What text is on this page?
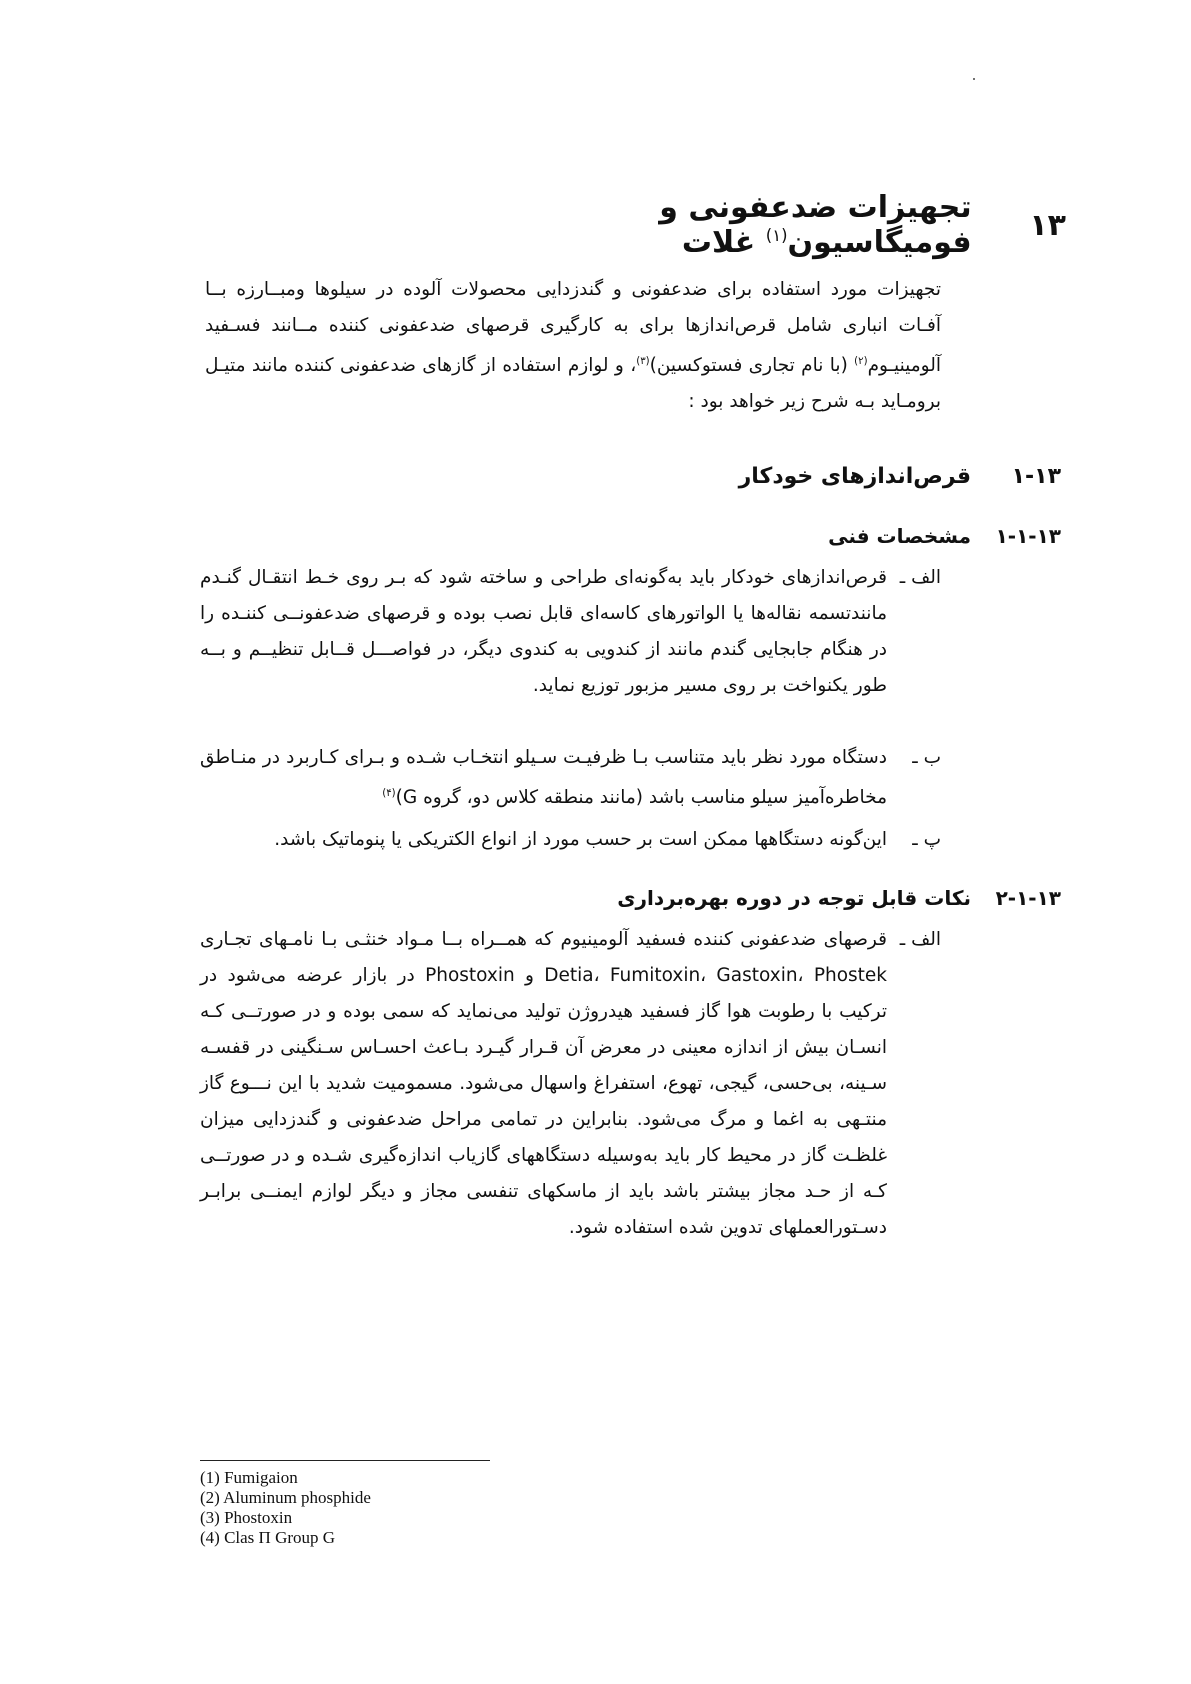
۱۳
تجهیزات ضدعفونی و فومیگاسیون$^{(۱)}$ غلات

تجهیزات مورد استفاده برای ضدعفونی و گندزدایی محصولات آلوده در سیلوها ومبــارزه بــا آفـات انباری شامل قرص‌اندازها برای به کارگیری قرصهای ضدعفونی کننده مــانند فسـفید آلومینیـوم$^{(۲)}$ (با نام تجاری فستوکسین)$^{(۳)}$، و لوازم استفاده از گازهای ضدعفونی کننده مانند متیـل برومـاید بـه شرح زیر خواهد بود :

۱-۱۳
قرص‌اندازهای خودکار
۱-۱-۱۳
مشخصات فنی
الف ـ
قرص‌اندازهای خودکار باید به‌گونه‌ای طراحی و ساخته شود که بـر روی خـط انتقـال گنـدم مانندتسمه نقاله‌ها یا الواتورهای کاسه‌ای قابل نصب بوده و قرصهای ضدعفونــی کننـده را در هنگام جابجایی گندم مانند از کندویی به کندوی دیگر، در فواصـــل قــابل تنظیــم و بــه طور یکنواخت بر روی مسیر مزبور توزیع نماید.
ب ـ
دستگاه مورد نظر باید متناسب بـا ظرفیـت سـیلو انتخـاب شـده و بـرای کـاربرد در منـاطق مخاطره‌آمیز سیلو مناسب باشد (مانند منطقه کلاس دو، گروه G)$^{(۴)}$
پ ـ
این‌گونه دستگاهها ممکن است بر حسب مورد از انواع الکتریکی یا پنوماتیک باشد.
۲-۱-۱۳
نکات قابل توجه در دوره بهره‌برداری
الف ـ
قرصهای ضدعفونی کننده فسفید آلومینیوم که همــراه بــا مـواد خنثـی بـا نامـهای تجـاری Detia، Fumitoxin، Gastoxin، Phostek و Phostoxin در بازار عرضه می‌شود در ترکیب با رطوبت هوا گاز فسفید هیدروژن تولید می‌نماید که سمی بوده و در صورتــی کـه انسـان بیش از اندازه معینی در معرض آن قـرار گیـرد بـاعث احسـاس سـنگینی در قفسـه سـینه، بی‌حسی، گیجی، تهوع، استفراغ واسهال می‌شود. مسمومیت شدید با این نـــوع گاز منتـهی به اغما و مرگ می‌شود. بنابراین در تمامی مراحل ضدعفونی و گندزدایی میزان غلظـت گاز در محیط کار باید به‌وسیله دستگاههای گازیاب اندازه‌گیری شـده و در صورتــی کـه از حـد مجاز بیشتر باشد باید از ماسکهای تنفسی مجاز و دیگر لوازم ایمنــی برابـر دسـتورالعملهای تدوین شده استفاده شود.
(1) Fumigaion
(2) Aluminum phosphide
(3) Phostoxin
(4) Clas Π Group G
